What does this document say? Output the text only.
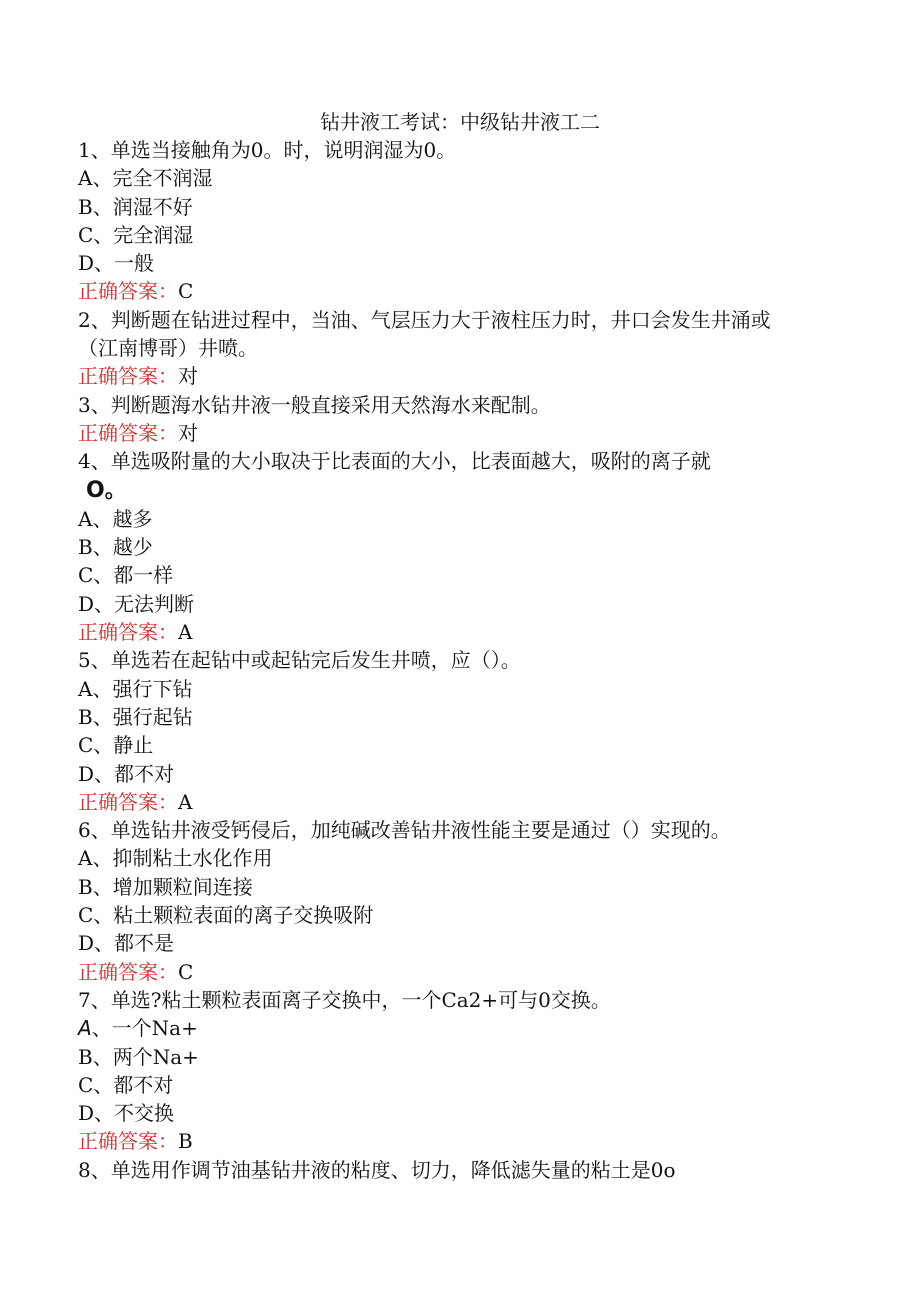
钻井液工考试：中级钻井液工二
1、单选当接触角为0。时，说明润湿为0。
A、完全不润湿
B、润湿不好
C、完全润湿
D、一般
正确答案：C
2、判断题在钻进过程中，当油、气层压力大于液柱压力时，井口会发生井涌或
（江南博哥）井喷。
正确答案：对
3、判断题海水钻井液一般直接采用天然海水来配制。
正确答案：对
4、单选吸附量的大小取决于比表面的大小，比表面越大，吸附的离子就
O。
A、越多
B、越少
C、都一样
D、无法判断
正确答案：A
5、单选若在起钻中或起钻完后发生井喷，应（）。
A、强行下钻
B、强行起钻
C、静止
D、都不对
正确答案：A
6、单选钻井液受钙侵后，加纯碱改善钻井液性能主要是通过（）实现的。
A、抑制粘土水化作用
B、增加颗粒间连接
C、粘土颗粒表面的离子交换吸附
D、都不是
正确答案：C
7、单选?粘土颗粒表面离子交换中，一个Ca2+可与0交换。
A、一个Na+
B、两个Na+
C、都不对
D、不交换
正确答案：B
8、单选用作调节油基钻井液的粘度、切力，降低滤失量的粘土是0o
